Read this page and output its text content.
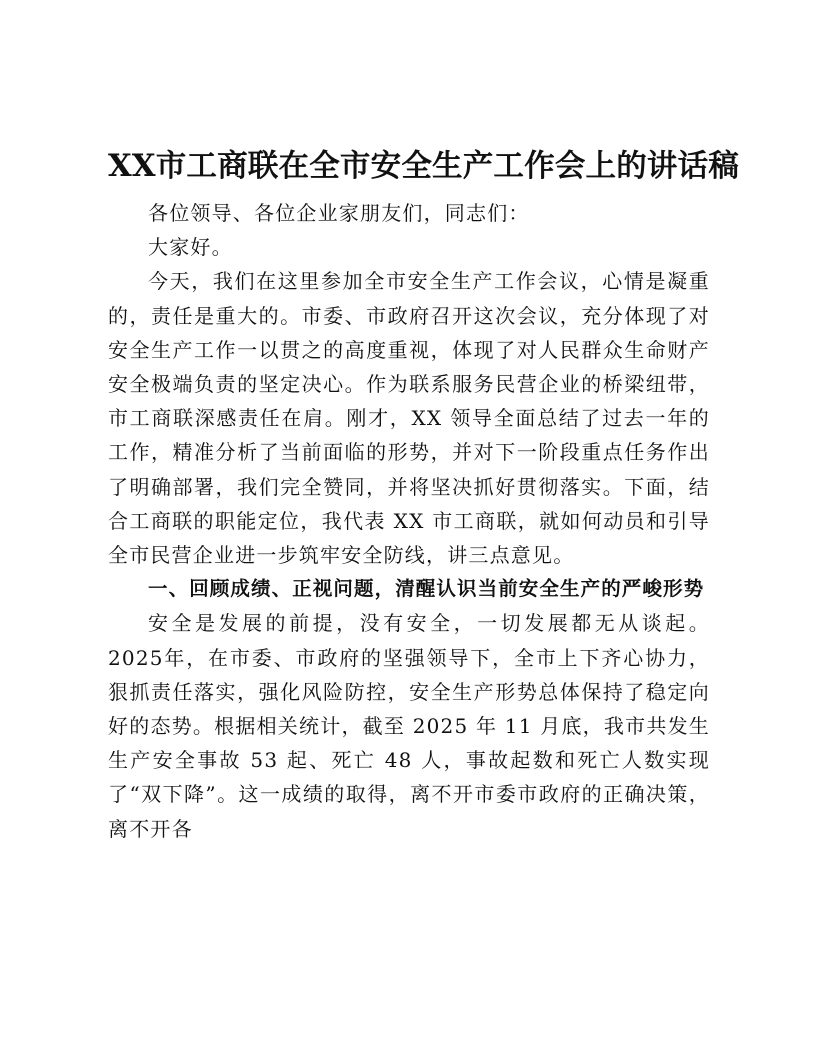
XX市工商联在全市安全生产工作会上的讲话稿

各位领导、各位企业家朋友们，同志们：

大家好。

今天，我们在这里参加全市安全生产工作会议，心情是凝重的，责任是重大的。市委、市政府召开这次会议，充分体现了对安全生产工作一以贯之的高度重视，体现了对人民群众生命财产安全极端负责的坚定决心。作为联系服务民营企业的桥梁纽带，市工商联深感责任在肩。刚才，XX 领导全面总结了过去一年的工作，精准分析了当前面临的形势，并对下一阶段重点任务作出了明确部署，我们完全赞同，并将坚决抓好贯彻落实。下面，结合工商联的职能定位，我代表 XX 市工商联，就如何动员和引导全市民营企业进一步筑牢安全防线，讲三点意见。

一、回顾成绩、正视问题，清醒认识当前安全生产的严峻形势

安全是发展的前提，没有安全，一切发展都无从谈起。2025年，在市委、市政府的坚强领导下，全市上下齐心协力，狠抓责任落实，强化风险防控，安全生产形势总体保持了稳定向好的态势。根据相关统计，截至 2025 年 11 月底，我市共发生生产安全事故 53 起、死亡 48 人，事故起数和死亡人数实现了“双下降”。这一成绩的取得，离不开市委市政府的正确决策，离不开各
